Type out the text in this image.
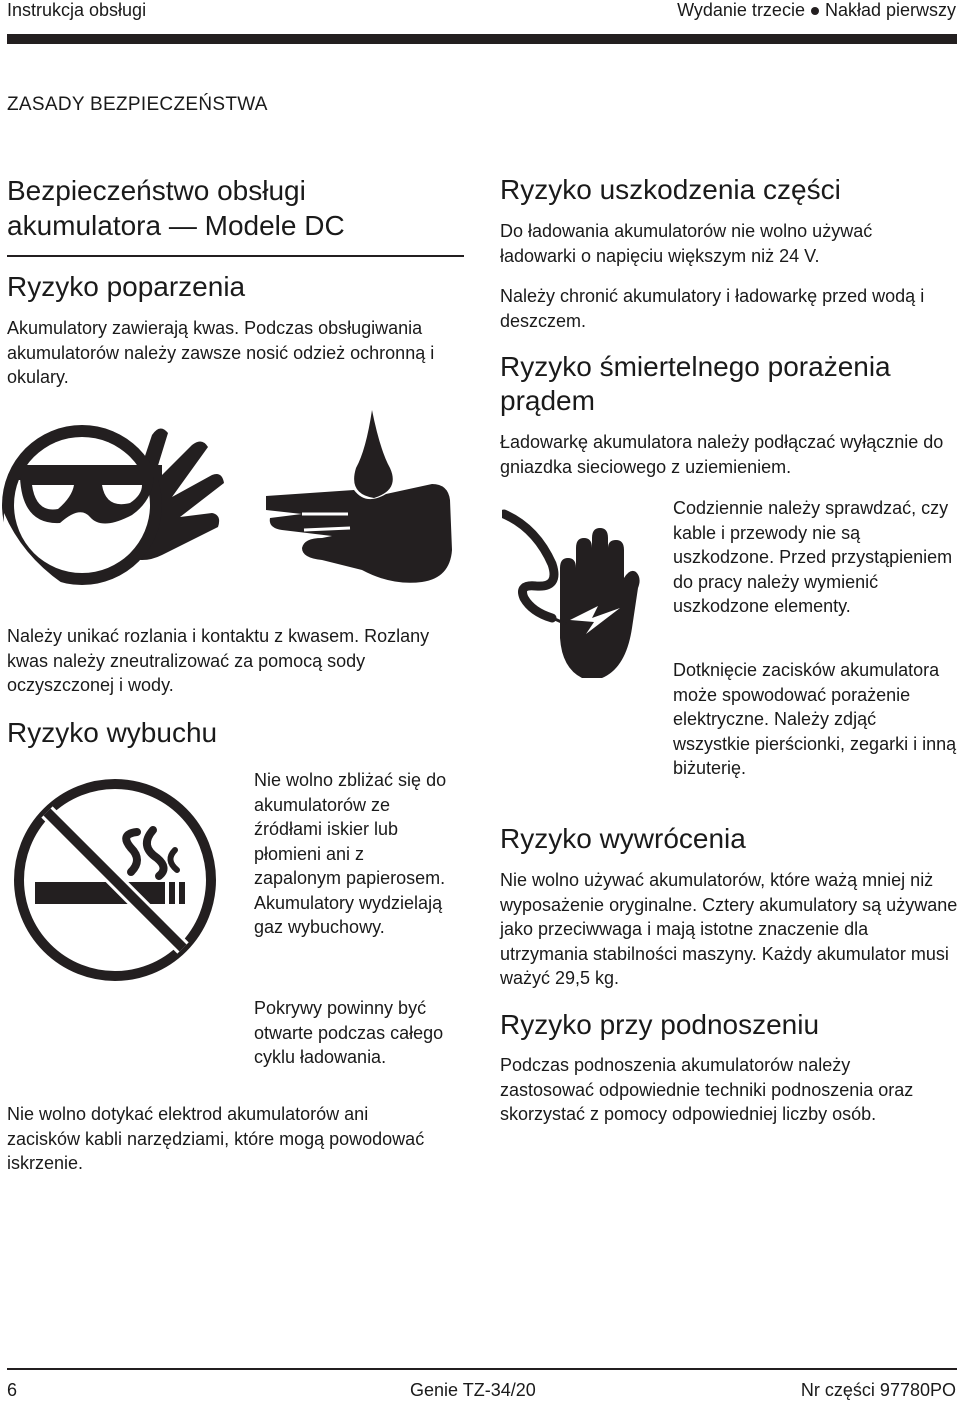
Instrukcja obsługi	Wydanie trzecie Nakład pierwszy
ZASADY BEZPIECZEŃSTWA
Bezpieczeństwo obsługi akumulatora — Modele DC
Ryzyko poparzenia

Akumulatory zawierają kwas. Podczas obsługiwania akumulatorów należy zawsze nosić odzież ochronną i okulary.

Należy unikać rozlania i kontaktu z kwasem. Rozlany kwas należy zneutralizować za pomocą sody oczyszczonej i wody.

Ryzyko wybuchu

Nie wolno zbliżać się do akumulatorów ze źródłami iskier lub płomieni ani z zapalonym papierosem. Akumulatory wydzielają gaz wybuchowy.

Pokrywy powinny być otwarte podczas całego cyklu ładowania.

Nie wolno dotykać elektrod akumulatorów ani zacisków kabli narzędziami, które mogą powodować iskrzenie.

Ryzyko uszkodzenia części

Do ładowania akumulatorów nie wolno używać ładowarki o napięciu większym niż 24 V.

Należy chronić akumulatory i ładowarkę przed wodą i deszczem.

Ryzyko śmiertelnego porażenia prądem

Ładowarkę akumulatora należy podłączać wyłącznie do gniazdka sieciowego z uziemieniem.

Codziennie należy sprawdzać, czy kable i przewody nie są uszkodzone. Przed przystąpieniem do pracy należy wymienić uszkodzone elementy.

Dotknięcie zacisków akumulatora może spowodować porażenie elektryczne. Należy zdjąć wszystkie pierścionki, zegarki i inną biżuterię.

Ryzyko wywrócenia

Nie wolno używać akumulatorów, które ważą mniej niż wyposażenie oryginalne. Cztery akumulatory są używane jako przeciwwaga i mają istotne znaczenie dla utrzymania stabilności maszyny. Każdy akumulator musi ważyć 29,5 kg.

Ryzyko przy podnoszeniu

Podczas podnoszenia akumulatorów należy zastosować odpowiednie techniki podnoszenia oraz skorzystać z pomocy odpowiedniej liczby osób.

6	Genie TZ-34/20	Nr części 97780PO
